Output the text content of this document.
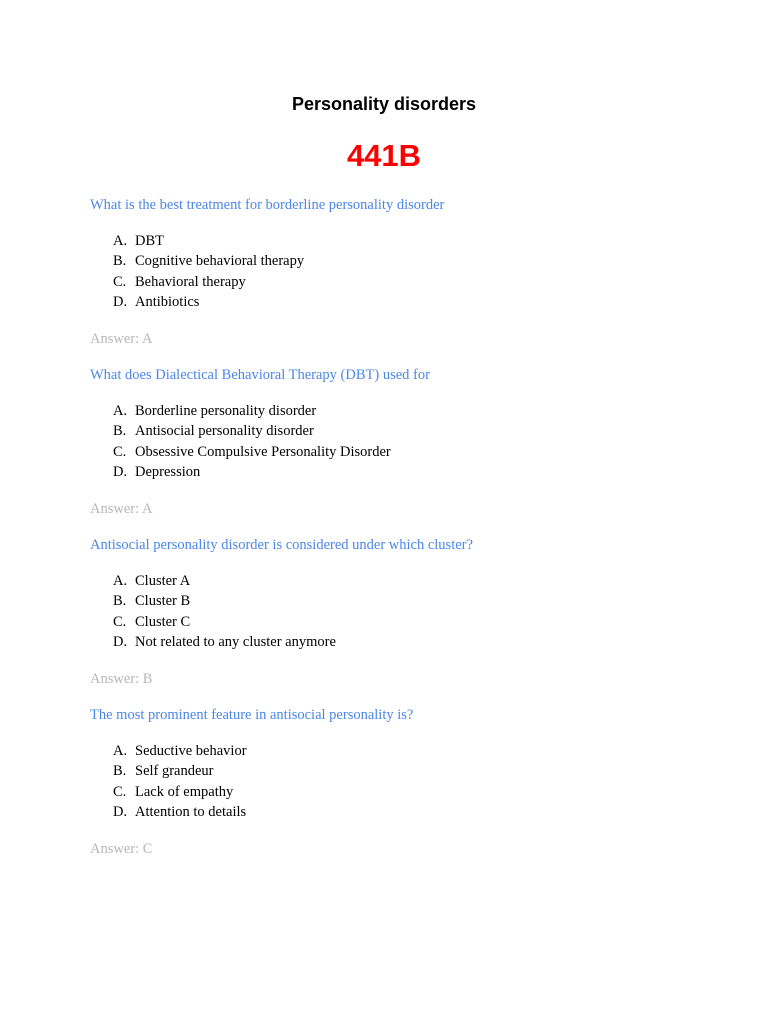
Personality disorders
441B

What is the best treatment for borderline personality disorder

A. DBT
B. Cognitive behavioral therapy
C. Behavioral therapy
D. Antibiotics

Answer: A

What does Dialectical Behavioral Therapy (DBT) used for

A. Borderline personality disorder
B. Antisocial personality disorder
C. Obsessive Compulsive Personality Disorder
D. Depression

Answer: A

Antisocial personality disorder is considered under which cluster?

A. Cluster A
B. Cluster B
C. Cluster C
D. Not related to any cluster anymore

Answer: B

The most prominent feature in antisocial personality is?

A. Seductive behavior
B. Self grandeur
C. Lack of empathy
D. Attention to details

Answer: C
